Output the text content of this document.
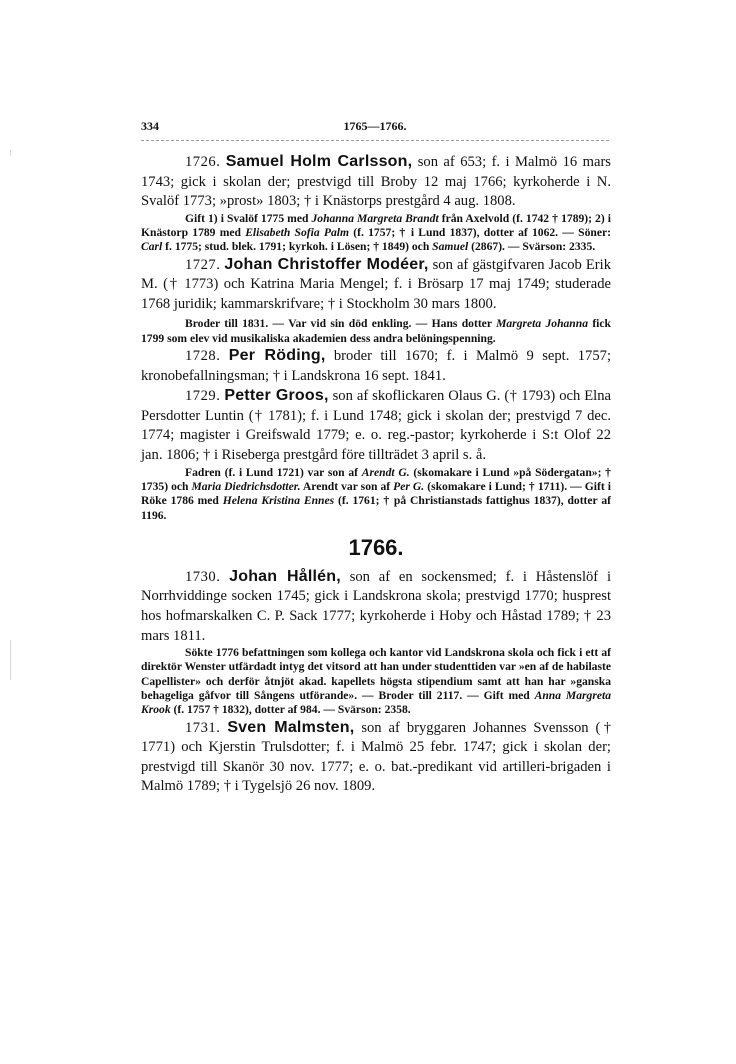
334	1765—1766.

1726. Samuel Holm Carlsson, son af 653; f. i Malmö 16 mars 1743; gick i skolan der; prestvigd till Broby 12 maj 1766; kyrkoherde i N. Svalöf 1773; »prost» 1803; † i Knästorps prestgård 4 aug. 1808.

Gift 1) i Svalöf 1775 med Johanna Margreta Brandt från Axelvold (f. 1742 † 1789); 2) i Knästorp 1789 med Elisabeth Sofia Palm (f. 1757; † i Lund 1837), dotter af 1062. — Söner: Carl f. 1775; stud. blek. 1791; kyrkoh. i Lösen; † 1849) och Samuel (2867). — Svärson: 2335.

1727. Johan Christoffer Modéer, son af gästgifvaren Jacob Erik M. († 1773) och Katrina Maria Mengel; f. i Brösarp 17 maj 1749; studerade 1768 juridik; kammarskrifvare; † i Stockholm 30 mars 1800.

Broder till 1831. — Var vid sin död enkling. — Hans dotter Margreta Johanna fick 1799 som elev vid musikaliska akademien dess andra belöningspenning.

1728. Per Röding, broder till 1670; f. i Malmö 9 sept. 1757; kronobefallningsman; † i Landskrona 16 sept. 1841.

1729. Petter Groos, son af skoflickaren Olaus G. († 1793) och Elna Persdotter Luntin († 1781); f. i Lund 1748; gick i skolan der; prestvigd 7 dec. 1774; magister i Greifswald 1779; e. o. reg.-pastor; kyrkoherde i S:t Olof 22 jan. 1806; † i Riseberga prestgård före tillträdet 3 april s. å.

Fadren (f. i Lund 1721) var son af Arendt G. (skomakare i Lund »på Södergatan»; † 1735) och Maria Diedrichsdotter. Arendt var son af Per G. (skomakare i Lund; † 1711). — Gift i Röke 1786 med Helena Kristina Ennes (f. 1761; † på Christianstads fattighus 1837), dotter af 1196.

1766.

1730. Johan Hållén, son af en sockensmed; f. i Håstenslöf i Norrhviddinge socken 1745; gick i Landskrona skola; prestvigd 1770; husprest hos hofmarskalken C. P. Sack 1777; kyrkoherde i Hoby och Håstad 1789; † 23 mars 1811.

Sökte 1776 befattningen som kollega och kantor vid Landskrona skola och fick i ett af direktör Wenster utfärdadt intyg det vitsord att han under studenttiden var »en af de habilaste Capellister» och derför åtnjöt akad. kapellets högsta stipendium samt att han har »ganska behageliga gåfvor till Sångens utförande». — Broder till 2117. — Gift med Anna Margreta Krook (f. 1757 † 1832), dotter af 984. — Svärson: 2358.

1731. Sven Malmsten, son af bryggaren Johannes Svensson († 1771) och Kjerstin Trulsdotter; f. i Malmö 25 febr. 1747; gick i skolan der; prestvigd till Skanör 30 nov. 1777; e. o. bat.-predikant vid artilleri-brigaden i Malmö 1789; † i Tygelsjö 26 nov. 1809.
